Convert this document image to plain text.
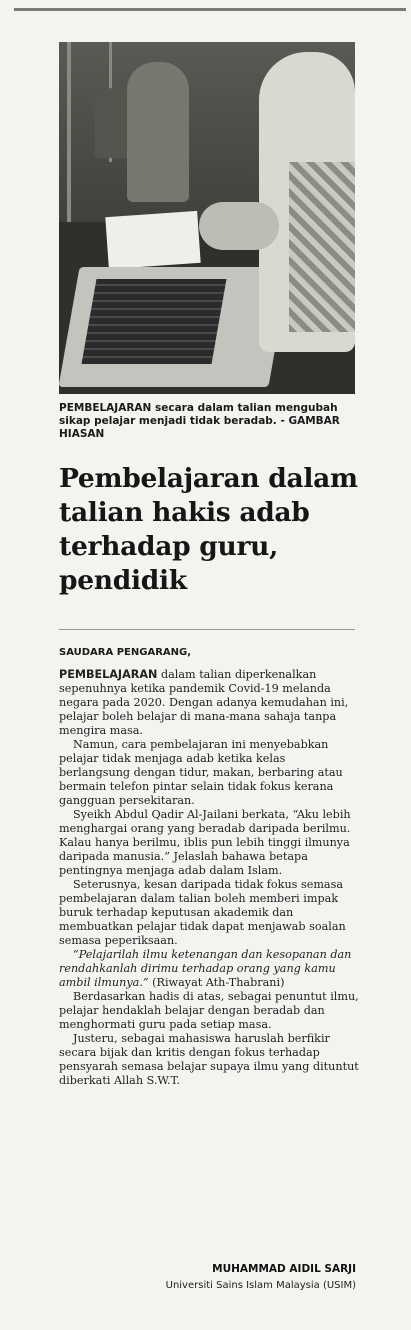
PEMBELAJARAN secara dalam talian mengubah sikap pelajar menjadi tidak beradab. - GAMBAR HIASAN
Pembelajaran dalam talian hakis adab terhadap guru, pendidik
SAUDARA PENGARANG,

PEMBELAJARAN dalam talian diperkenalkan sepenuhnya ketika pandemik Covid-19 melanda negara pada 2020. Dengan adanya kemudahan ini, pelajar boleh belajar di mana-mana sahaja tanpa mengira masa.

Namun, cara pembelajaran ini menyebabkan pelajar tidak menjaga adab ketika kelas berlangsung dengan tidur, makan, berbaring atau bermain telefon pintar selain tidak fokus kerana gangguan persekitaran.

Syeikh Abdul Qadir Al-Jailani berkata, “Aku lebih menghargai orang yang beradab daripada berilmu. Kalau hanya berilmu, iblis pun lebih tinggi ilmunya daripada manusia.” Jelaslah bahawa betapa pentingnya menjaga adab dalam Islam.

Seterusnya, kesan daripada tidak fokus semasa pembelajaran dalam talian boleh memberi impak buruk terhadap keputusan akademik dan membuatkan pelajar tidak dapat menjawab soalan semasa peperiksaan.

“Pelajarilah ilmu ketenangan dan kesopanan dan rendahkanlah dirimu terhadap orang yang kamu ambil ilmunya.” (Riwayat Ath-Thabrani)

Berdasarkan hadis di atas, sebagai penuntut ilmu, pelajar hendaklah belajar dengan beradab dan menghormati guru pada setiap masa.

Justeru, sebagai mahasiswa haruslah berfikir secara bijak dan kritis dengan fokus terhadap pensyarah semasa belajar supaya ilmu yang dituntut diberkati Allah S.W.T.

MUHAMMAD AIDIL SARJI
Universiti Sains Islam Malaysia (USIM)
